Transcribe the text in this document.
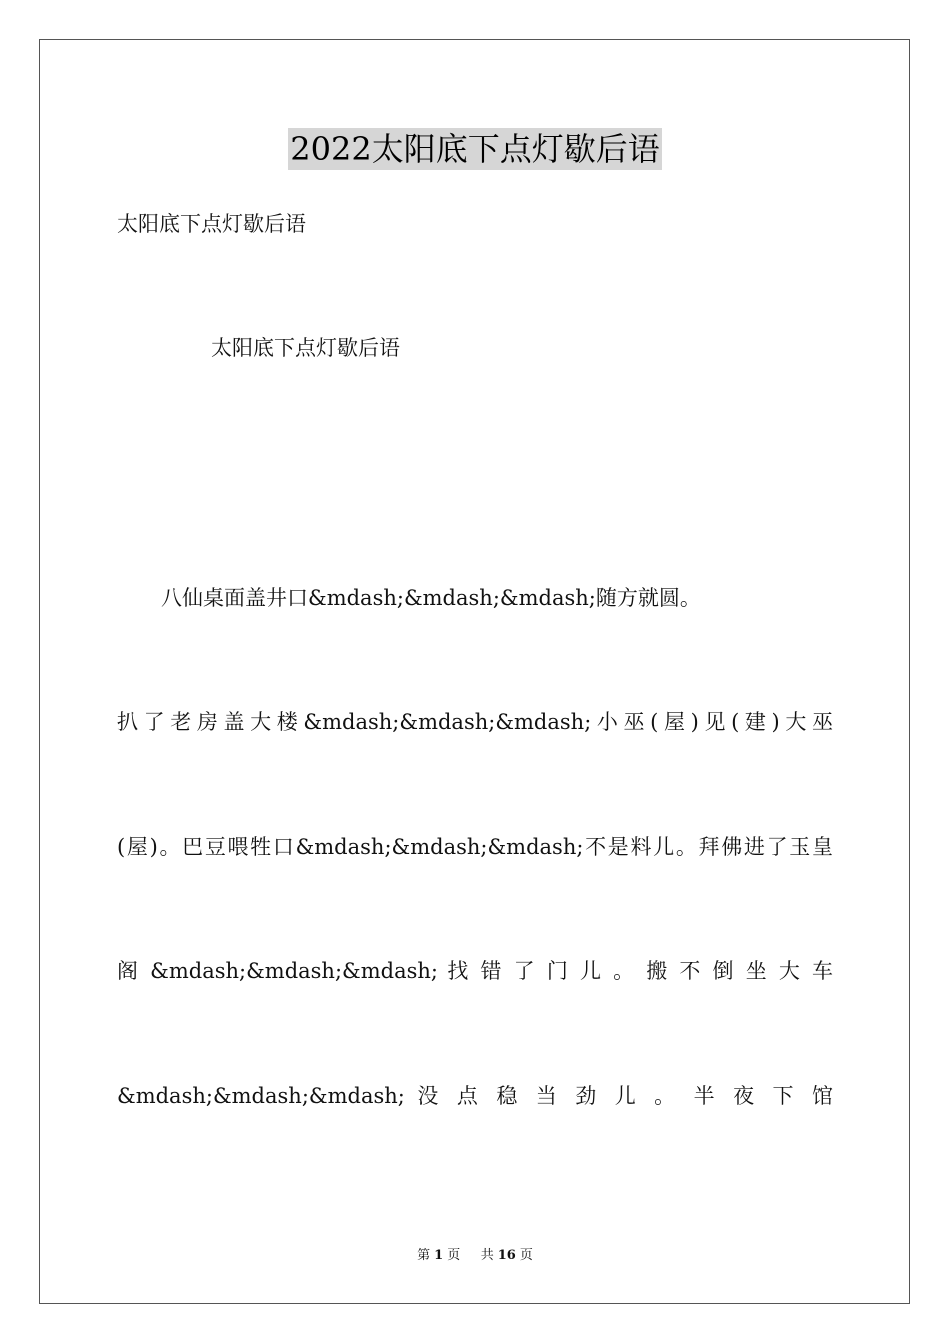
2022太阳底下点灯歇后语
太阳底下点灯歇后语
太阳底下点灯歇后语
八仙桌面盖井口&mdash;&mdash;&mdash;随方就圆。
扒了老房盖大楼&mdash;&mdash;&mdash;小巫(屋)见(建)大巫
(屋)。巴豆喂牲口&mdash;&mdash;&mdash;不是料儿。拜佛进了玉皇
阁 &mdash;&mdash;&mdash; 找 错 了 门 儿 。 搬 不 倒 坐 大 车
&mdash;&mdash;&mdash; 没 点 稳 当 劲 儿 。 半 夜 下 馆
第 1 页 共 16 页
